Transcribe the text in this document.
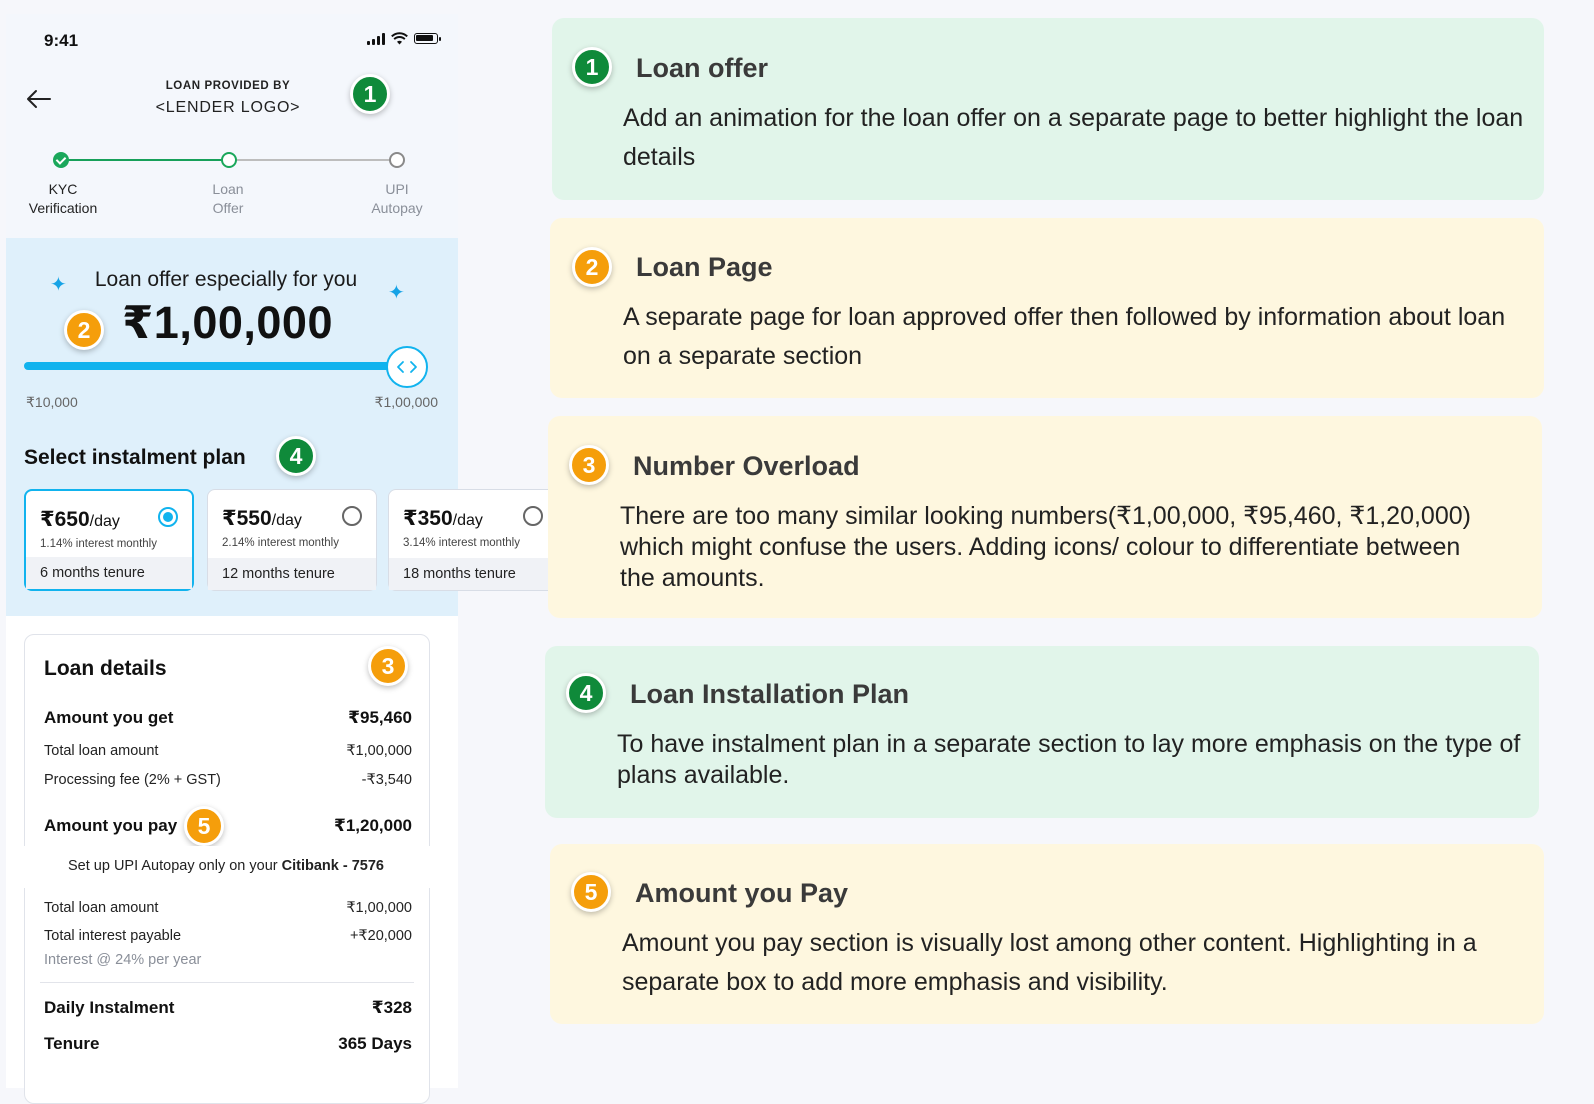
9:41
LOAN PROVIDED BY
<LENDER LOGO>
1
KYC
Verification
Loan
Offer
UPI
Autopay
✦	✦
Loan offer especially for you
₹1,00,000
2
₹10,000	₹1,00,000
Select instalment plan	4
₹650/day
1.14% interest monthly
6 months tenure
₹550/day
2.14% interest monthly
12 months tenure
₹350/day
3.14% interest monthly
18 months tenure
Loan details	3
Amount you get	₹95,460
Total loan amount	₹1,00,000
Processing fee (2% + GST)	-₹3,540
Amount you pay	₹1,20,000
5
Set up UPI Autopay only on your Citibank - 7576
Total loan amount	₹1,00,000
Total interest payable	+₹20,000
Interest @ 24% per year
Daily Instalment	₹328
Tenure	365 Days
1	Loan offer
Add an animation for the loan offer on a separate page to better highlight the loan details
2	Loan Page
A separate page for loan approved offer then followed by information about loan on a separate section
3	Number Overload
There are too many similar looking numbers(₹1,00,000, ₹95,460, ₹1,20,000) which might confuse the users. Adding icons/ colour to differentiate between the amounts.
4	Loan Installation Plan
To have instalment plan in a separate section to lay more emphasis on the type of plans available.
5	Amount you Pay
Amount you pay section is visually lost among other content. Highlighting in a separate box to add more emphasis and visibility.
